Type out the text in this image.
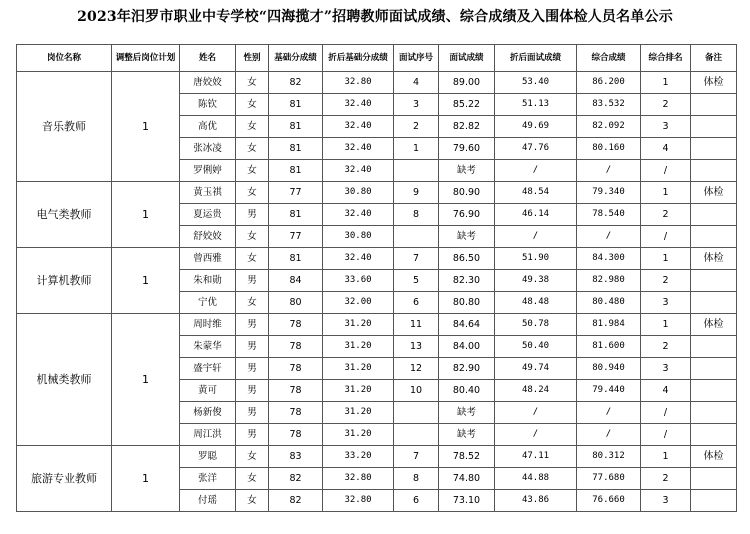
2023年汨罗市职业中专学校“四海揽才”招聘教师面试成绩、综合成绩及入围体检人员名单公示
岗位名称	调整后岗位计划	姓名	性别	基础分成绩	折后基础分成绩	面试序号	面试成绩	折后面试成绩	综合成绩	综合排名	备注
音乐教师	1	唐姣姣	女	82	32.80	4	89.00	53.40	86.200	1	体检
		陈钦	女	81	32.40	3	85.22	51.13	83.532	2	
		高优	女	81	32.40	2	82.82	49.69	82.092	3	
		张冰凌	女	81	32.40	1	79.60	47.76	80.160	4	
		罗俐婷	女	81	32.40		缺考	/	/	/	
电气类教师	1	黄玉祺	女	77	30.80	9	80.90	48.54	79.340	1	体检
		夏运贵	男	81	32.40	8	76.90	46.14	78.540	2	
		舒姣姣	女	77	30.80		缺考	/	/	/	
计算机教师	1	曾西雅	女	81	32.40	7	86.50	51.90	84.300	1	体检
		朱和勋	男	84	33.60	5	82.30	49.38	82.980	2	
		宁优	女	80	32.00	6	80.80	48.48	80.480	3	
机械类教师	1	周时维	男	78	31.20	11	84.64	50.78	81.984	1	体检
		朱蒙华	男	78	31.20	13	84.00	50.40	81.600	2	
		盛宇轩	男	78	31.20	12	82.90	49.74	80.940	3	
		黄可	男	78	31.20	10	80.40	48.24	79.440	4	
		杨新俊	男	78	31.20		缺考	/	/	/	
		周江洪	男	78	31.20		缺考	/	/	/	
旅游专业教师	1	罗聪	女	83	33.20	7	78.52	47.11	80.312	1	体检
		张洋	女	82	32.80	8	74.80	44.88	77.680	2	
		付瑶	女	82	32.80	6	73.10	43.86	76.660	3	
